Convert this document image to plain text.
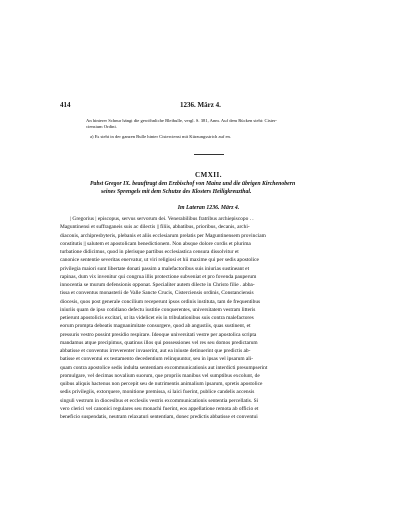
414	1236. März 4.
An hinterer Schnur hängt die gewöhnliche Bleibulle, vergl. S. 381, Anm. Auf dem Rücken steht: Cister-
ciensium Ordini.
a) Es steht in der ganzen Bulle hinter Cisterciensi mit Kürzungsstrich auf en.
CMXII.
Pabst Gregor IX. beauftragt den Erzbischof von Mainz und die übrigen Kirchenobern
seines Sprengels mit dem Schutze des Klosters Heiligkreuzthal.
Im Lateran 1236. März 4.
| Gregorius | episcopus, servus servorum dei. Venerabilibus fratribus archiepiscopo . .
Maguntinensi et suffraganeis suis ac dilectis || filiis, abbatibus, prioribus, decanis, archi-
diaconis, archipresbyteris, plebanis et aliis ecclesiarum prelatis per Maguntinensem provinciam
constitutis || salutem et apostolicam benedictionem. Non absque dolore cordis et plurima
turbatione didicimus, quod in plerisque partibus ecclesiastica censura dissolvitur et
canonice sententie severitas enervatur, ut viri religiosi et hii maxime qui per sedis apostolice
privilegia maiori sunt libertate donati passim a malefactoribus suis iniurias sustineant et
rapinas, dum vix invenitur qui congrua illis protectione subveniat et pro fovenda pauperum
innocentia se murum defensionis opponat. Specialiter autem dilecte in Christo filie . abba-
tissa et conventus monasterii de Valle Sancte Crucis, Cisterciensis ordinis, Constanciensis
diocesis, quos post generale concilium receperunt ipsos ordinis instituta, tam de frequentibus
iniuriis quam de ipso cotidiano defectu iustitie conquerentes, universitatem vestram litteris
petierunt apostolicis excitari, ut ita videlicet eis in tribulationibus suis contra malefactores
eorum prompta debeatis magnanimitate consurgere, quod ab angustiis, quas sustinent, et
pressuris vestro possint presidio respirare. Ideoque universitati vestre per apostolica scripta
mandamus atque precipimus, quatinus illos qui possessiones vel res seu domos predictarum
abbatisse et conventus irreverenter invaserint, aut ea iniuste detinuerint que predictis ab-
batisse et conventui ex testamento decedentium relinquuntur, seu in ipsas vel ipsarum ali-
quam contra apostolice sedis indulta sententiam excommunicationis aut interdicti presumpserint
promulgare, vel decimas novalium suorum, que propriis manibus vel sumptibus excolunt, de
quibus aliquis hactenus non percepit seu de nutrimentis animalium ipsarum, spretis apostolice
sedis privilegiis, extorquere, monitione premissa, si laici fuerint, publice candelis accensis
singuli vestrum in diocesibus et ecclesiis vestris excommunicationis sententia percellatis. Si
vero clerici vel canonici regulares seu monachi fuerint, eos appellatione remota ab officio et
beneficio suspendatis, neutram relaxaturi sententiam, donec predictis abbatisse et conventui
